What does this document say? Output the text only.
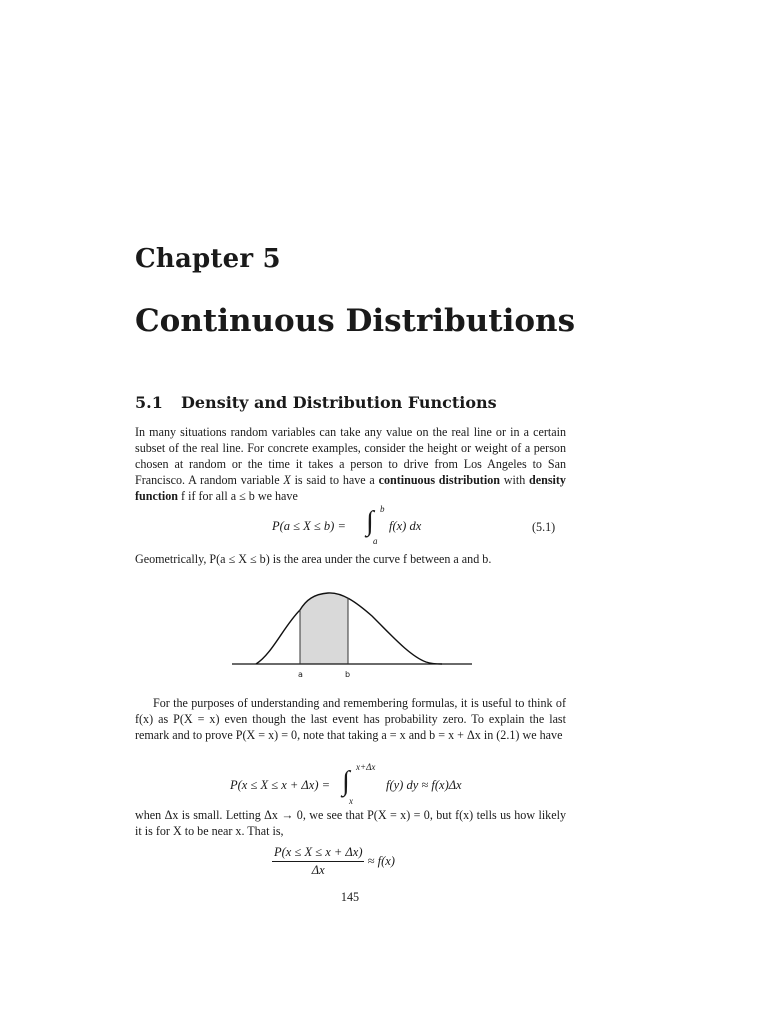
Chapter 5
Continuous Distributions
5.1 Density and Distribution Functions

In many situations random variables can take any value on the real line or in a certain subset of the real line. For concrete examples, consider the height or weight of a person chosen at random or the time it takes a person to drive from Los Angeles to San Francisco. A random variable X is said to have a continuous distribution with density function f if for all a ≤ b we have

P(a ≤ X ≤ b) = ∫ b
a
f(x) dx	(5.1)

Geometrically, P(a ≤ X ≤ b) is the area under the curve f between a and b.

a	b

For the purposes of understanding and remembering formulas, it is useful to think of f(x) as P(X = x) even though the last event has probability zero. To explain the last remark and to prove P(X = x) = 0, note that taking a = x and b = x + Δx in (2.1) we have

P(x ≤ X ≤ x + Δx) = ∫ x+Δx
x
f(y) dy ≈ f(x)Δx

when Δx is small. Letting Δx → 0, we see that P(X = x) = 0, but f(x) tells us how likely it is for X to be near x. That is,

$\frac{P(x \le X \le x + \Delta x)}{\Delta x} \approx f(x)$
145
